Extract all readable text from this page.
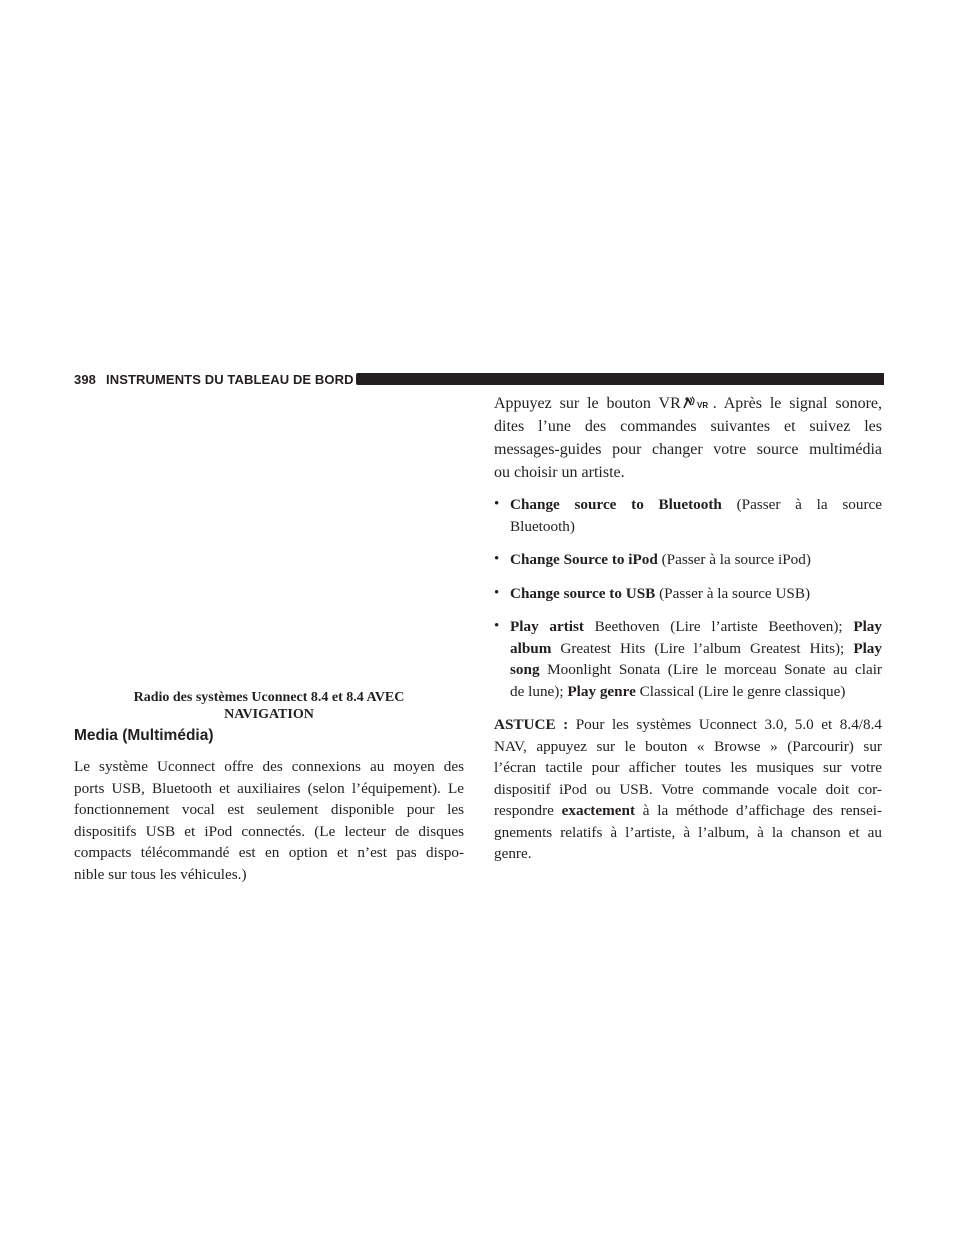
398 INSTRUMENTS DU TABLEAU DE BORD
Radio des systèmes Uconnect 8.4 et 8.4 AVEC
NAVIGATION
Media (Multimédia)
Le système Uconnect offre des connexions au moyen des
ports USB, Bluetooth et auxiliaires (selon l’équipement). Le
fonctionnement vocal est seulement disponible pour les
dispositifs USB et iPod connectés. (Le lecteur de disques
compacts télécommandé est en option et n’est pas dispo-
nible sur tous les véhicules.)
Appuyez sur le bouton VR VR . Après le signal sonore,
dites l’une des commandes suivantes et suivez les
messages-guides pour changer votre source multimédia
ou choisir un artiste.
• Change source to Bluetooth (Passer à la source
Bluetooth)
• Change Source to iPod (Passer à la source iPod)
• Change source to USB (Passer à la source USB)
• Play artist Beethoven (Lire l’artiste Beethoven); Play
album Greatest Hits (Lire l’album Greatest Hits); Play
song Moonlight Sonata (Lire le morceau Sonate au clair
de lune); Play genre Classical (Lire le genre classique)
ASTUCE : Pour les systèmes Uconnect 3.0, 5.0 et 8.4/8.4
NAV, appuyez sur le bouton « Browse » (Parcourir) sur
l’écran tactile pour afficher toutes les musiques sur votre
dispositif iPod ou USB. Votre commande vocale doit cor-
respondre exactement à la méthode d’affichage des rensei-
gnements relatifs à l’artiste, à l’album, à la chanson et au
genre.
